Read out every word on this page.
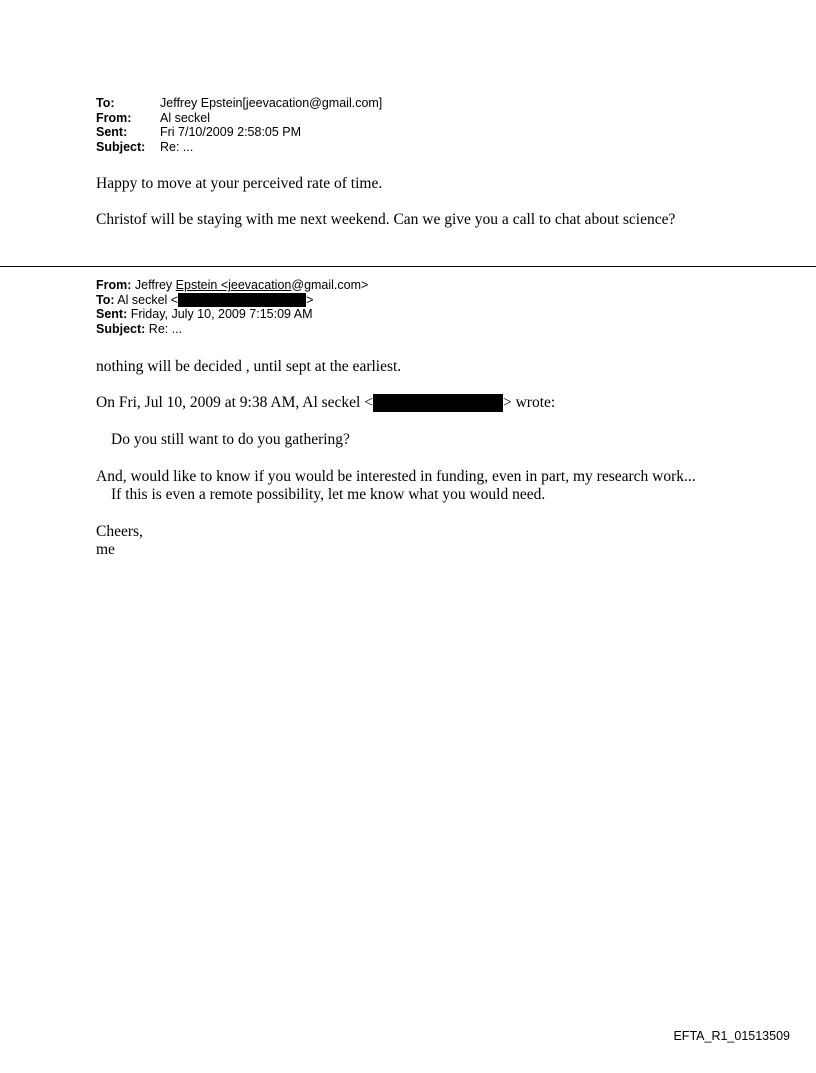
To:	Jeffrey Epstein[jeevacation@gmail.com]
From:	Al seckel
Sent:	Fri 7/10/2009 2:58:05 PM
Subject:	Re: ...
Happy to move at your perceived rate of time.
Christof will be staying with me next weekend. Can we give you a call to chat about science?
From: Jeffrey Epstein <jeevacation@gmail.com>
To: Al seckel <	>
Sent: Friday, July 10, 2009 7:15:09 AM
Subject: Re: ...
nothing will be decided , until sept at the earliest.
On Fri, Jul 10, 2009 at 9:38 AM, Al seckel <	> wrote:
Do you still want to do you gathering?
And, would like to know if you would be interested in funding, even in part, my research work...
If this is even a remote possibility, let me know what you would need.
Cheers,
me
EFTA_R1_01513509
